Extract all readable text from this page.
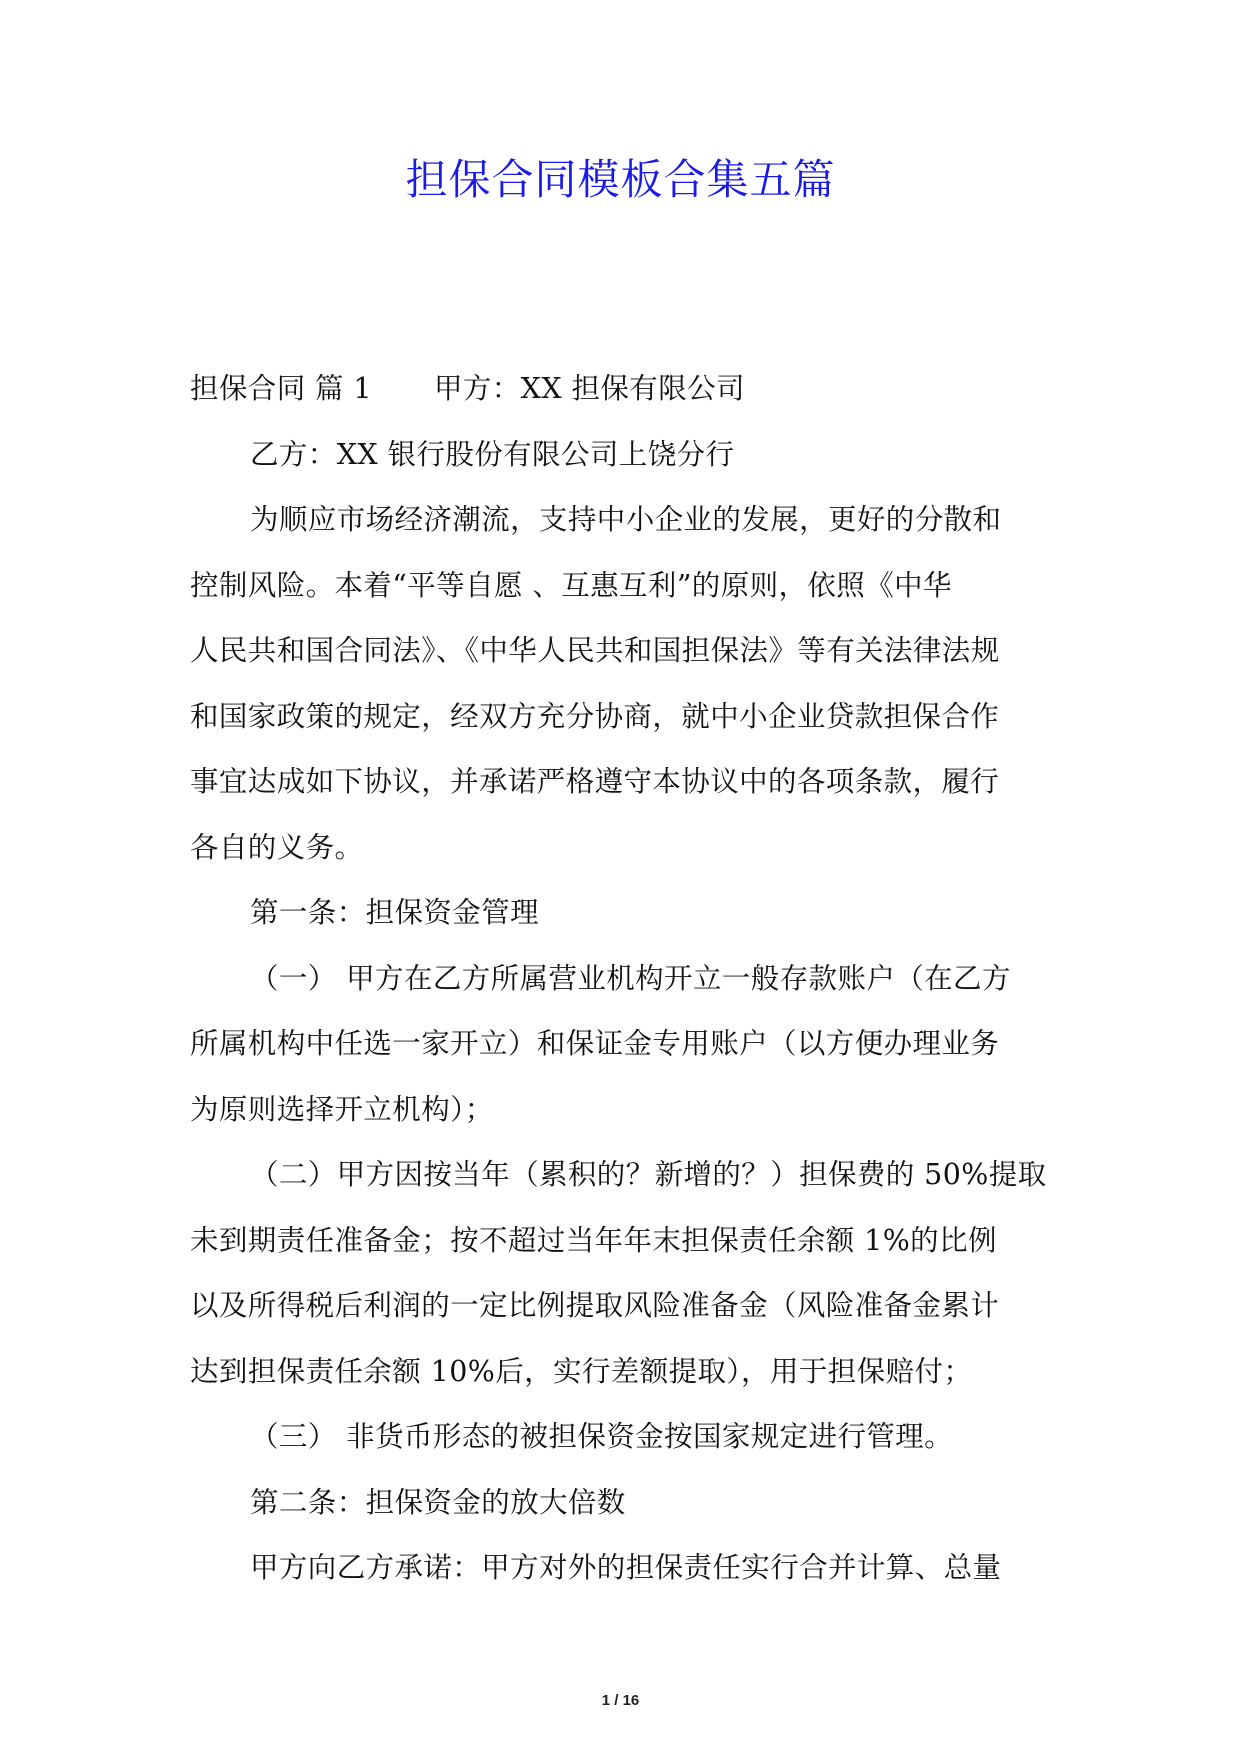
担保合同模板合集五篇
担保合同 篇 1 甲方：XX 担保有限公司
乙方：XX 银行股份有限公司上饶分行
为顺应市场经济潮流，支持中小企业的发展，更好的分散和
控制风险。本着“平等自愿 、互惠互利”的原则，依照《中华
人民共和国合同法》、《中华人民共和国担保法》等有关法律法规
和国家政策的规定，经双方充分协商，就中小企业贷款担保合作
事宜达成如下协议，并承诺严格遵守本协议中的各项条款，履行
各自的义务。
第一条：担保资金管理
（一） 甲方在乙方所属营业机构开立一般存款账户（在乙方
所属机构中任选一家开立）和保证金专用账户（以方便办理业务
为原则选择开立机构）；
（二）甲方因按当年（累积的？新增的？）担保费的 50%提取
未到期责任准备金；按不超过当年年末担保责任余额 1%的比例
以及所得税后利润的一定比例提取风险准备金（风险准备金累计
达到担保责任余额 10%后，实行差额提取），用于担保赔付；
（三） 非货币形态的被担保资金按国家规定进行管理。
第二条：担保资金的放大倍数
甲方向乙方承诺：甲方对外的担保责任实行合并计算、总量
1 / 16
